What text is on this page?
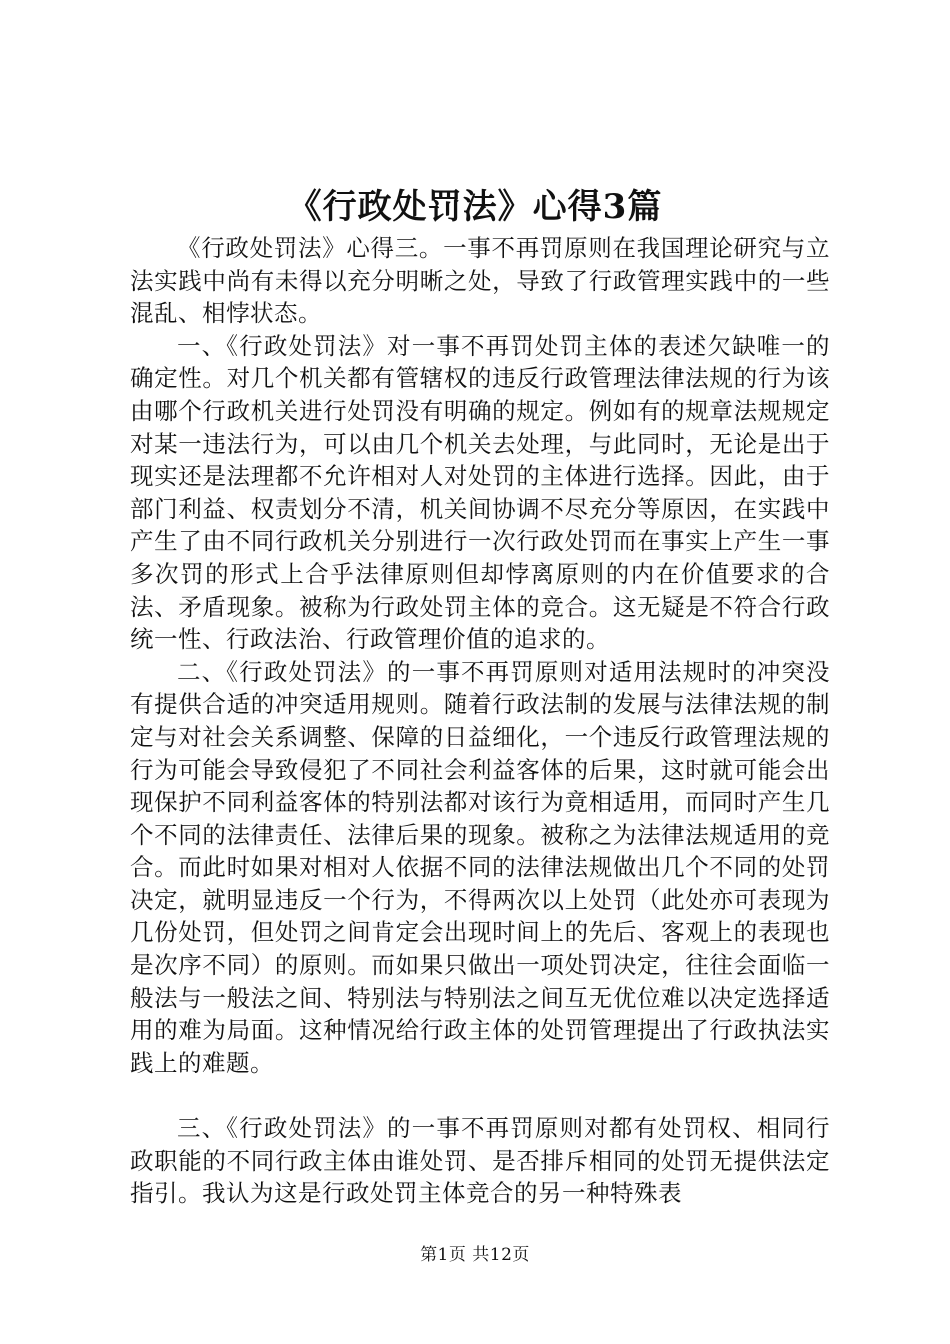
《行政处罚法》心得3篇

《行政处罚法》心得三。一事不再罚原则在我国理论研究与立法实践中尚有未得以充分明晰之处，导致了行政管理实践中的一些混乱、相悖状态。

一、《行政处罚法》对一事不再罚处罚主体的表述欠缺唯一的确定性。对几个机关都有管辖权的违反行政管理法律法规的行为该由哪个行政机关进行处罚没有明确的规定。例如有的规章法规规定对某一违法行为，可以由几个机关去处理，与此同时，无论是出于现实还是法理都不允许相对人对处罚的主体进行选择。因此，由于部门利益、权责划分不清，机关间协调不尽充分等原因，在实践中产生了由不同行政机关分别进行一次行政处罚而在事实上产生一事多次罚的形式上合乎法律原则但却悖离原则的内在价值要求的合法、矛盾现象。被称为行政处罚主体的竞合。这无疑是不符合行政统一性、行政法治、行政管理价值的追求的。

二、《行政处罚法》的一事不再罚原则对适用法规时的冲突没有提供合适的冲突适用规则。随着行政法制的发展与法律法规的制定与对社会关系调整、保障的日益细化，一个违反行政管理法规的行为可能会导致侵犯了不同社会利益客体的后果，这时就可能会出现保护不同利益客体的特别法都对该行为竟相适用，而同时产生几个不同的法律责任、法律后果的现象。被称之为法律法规适用的竞合。而此时如果对相对人依据不同的法律法规做出几个不同的处罚决定，就明显违反一个行为，不得两次以上处罚（此处亦可表现为几份处罚，但处罚之间肯定会出现时间上的先后、客观上的表现也是次序不同）的原则。而如果只做出一项处罚决定，往往会面临一般法与一般法之间、特别法与特别法之间互无优位难以决定选择适用的难为局面。这种情况给行政主体的处罚管理提出了行政执法实践上的难题。

三、《行政处罚法》的一事不再罚原则对都有处罚权、相同行政职能的不同行政主体由谁处罚、是否排斥相同的处罚无提供法定指引。我认为这是行政处罚主体竞合的另一种特殊表

第1页 共12页
